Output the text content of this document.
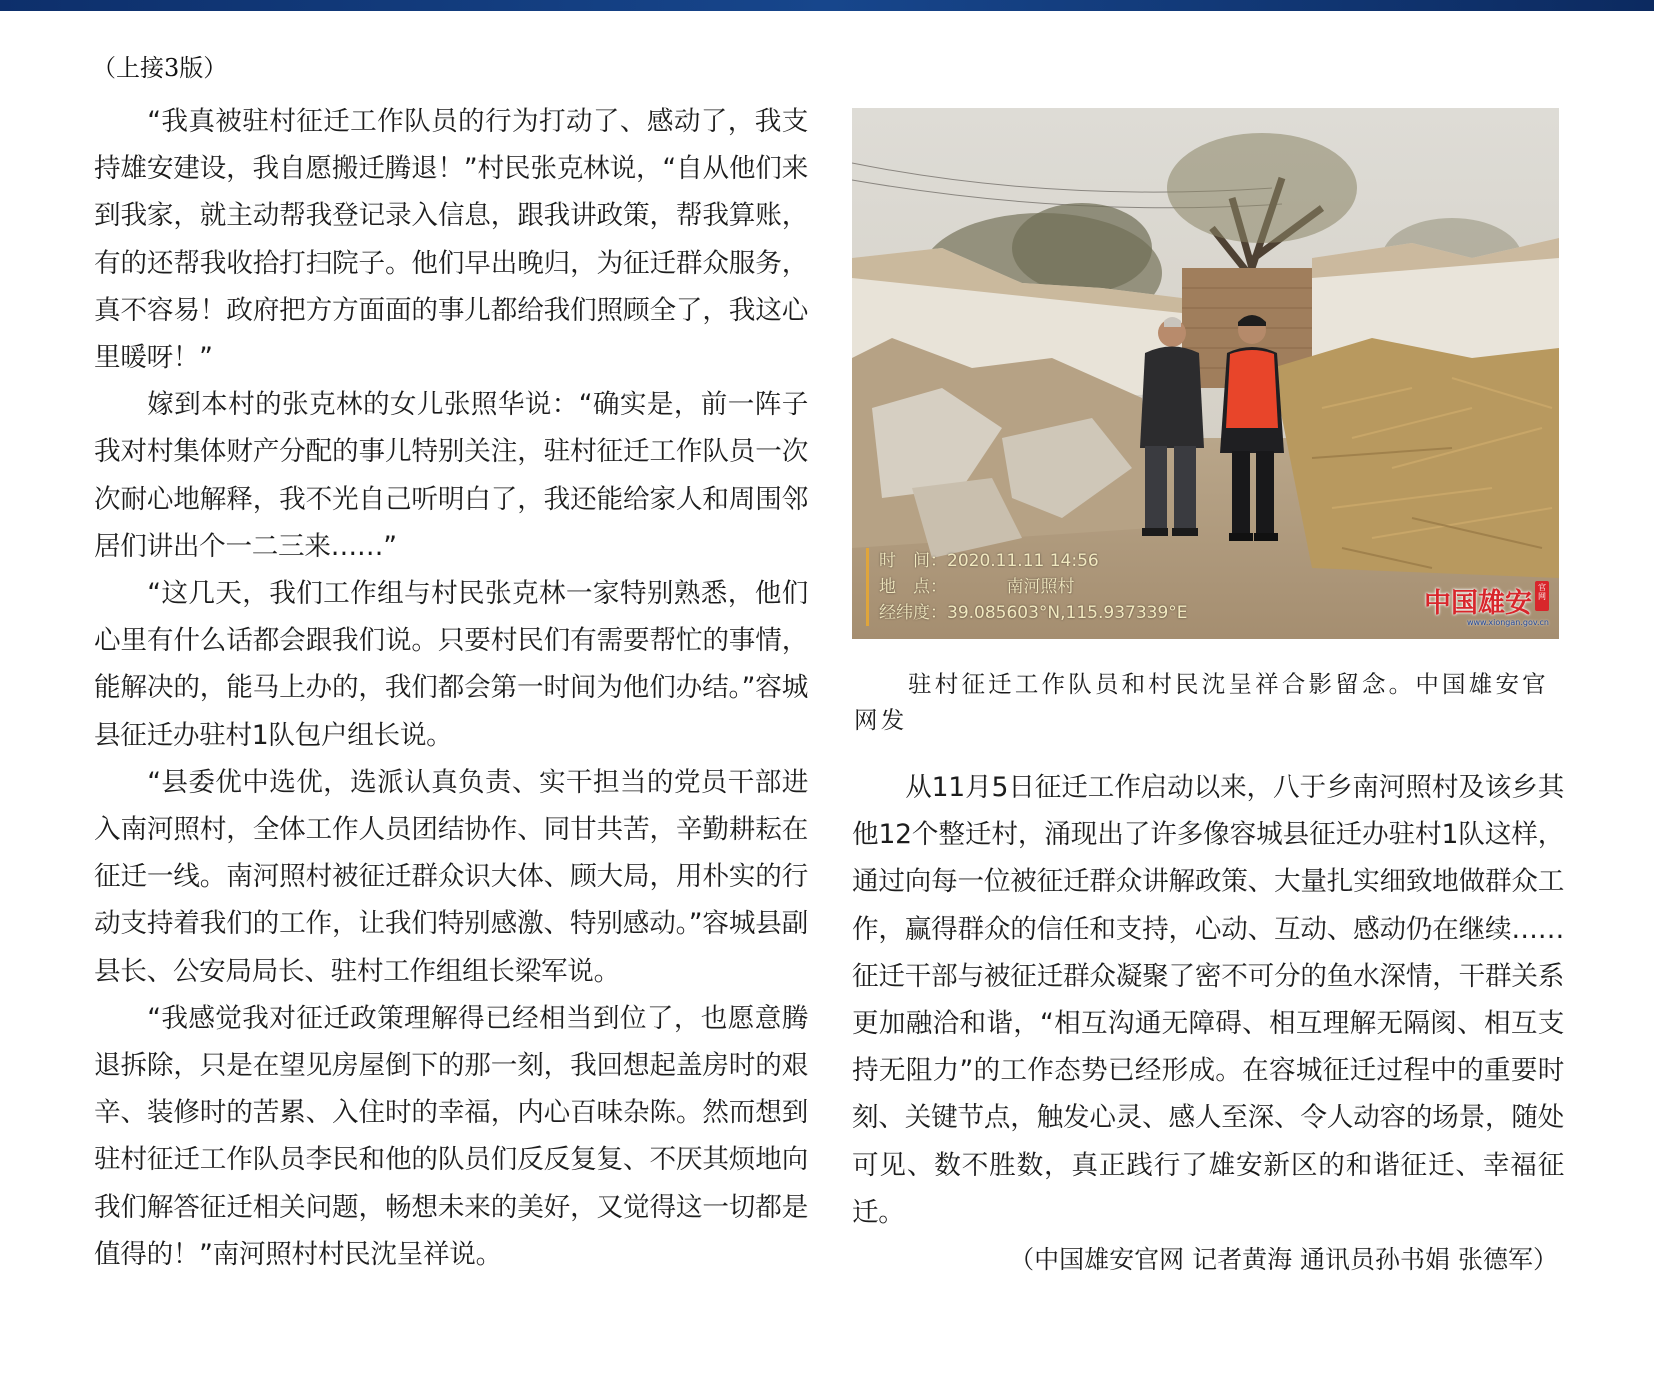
（上接3版）

“我真被驻村征迁工作队员的行为打动了、感动了，我支持雄安建设，我自愿搬迁腾退！”村民张克林说，“自从他们来到我家，就主动帮我登记录入信息，跟我讲政策，帮我算账，有的还帮我收拾打扫院子。他们早出晚归，为征迁群众服务，真不容易！政府把方方面面的事儿都给我们照顾全了，我这心里暖呀！”

嫁到本村的张克林的女儿张照华说：“确实是，前一阵子我对村集体财产分配的事儿特别关注，驻村征迁工作队员一次次耐心地解释，我不光自己听明白了，我还能给家人和周围邻居们讲出个一二三来……”

“这几天，我们工作组与村民张克林一家特别熟悉，他们心里有什么话都会跟我们说。只要村民们有需要帮忙的事情，能解决的，能马上办的，我们都会第一时间为他们办结。”容城县征迁办驻村1队包户组长说。

“县委优中选优，选派认真负责、实干担当的党员干部进入南河照村，全体工作人员团结协作、同甘共苦，辛勤耕耘在征迁一线。南河照村被征迁群众识大体、顾大局，用朴实的行动支持着我们的工作，让我们特别感激、特别感动。”容城县副县长、公安局局长、驻村工作组组长梁军说。

“我感觉我对征迁政策理解得已经相当到位了，也愿意腾退拆除，只是在望见房屋倒下的那一刻，我回想起盖房时的艰辛、装修时的苦累、入住时的幸福，内心百味杂陈。然而想到驻村征迁工作队员李民和他的队员们反反复复、不厌其烦地向我们解答征迁相关问题，畅想未来的美好，又觉得这一切都是值得的！”南河照村村民沈呈祥说。

时　间：2020.11.11 14:56
地　点：　　　　南河照村
经纬度：39.085603°N,115.937339°E	中国雄安官网
www.xiongan.gov.cn

驻村征迁工作队员和村民沈呈祥合影留念。中国雄安官网发

从11月5日征迁工作启动以来，八于乡南河照村及该乡其他12个整迁村，涌现出了许多像容城县征迁办驻村1队这样，通过向每一位被征迁群众讲解政策、大量扎实细致地做群众工作，赢得群众的信任和支持，心动、互动、感动仍在继续……征迁干部与被征迁群众凝聚了密不可分的鱼水深情，干群关系更加融洽和谐，“相互沟通无障碍、相互理解无隔阂、相互支持无阻力”的工作态势已经形成。在容城征迁过程中的重要时刻、关键节点，触发心灵、感人至深、令人动容的场景，随处可见、数不胜数，真正践行了雄安新区的和谐征迁、幸福征迁。

（中国雄安官网 记者黄海 通讯员孙书娟 张德军）
